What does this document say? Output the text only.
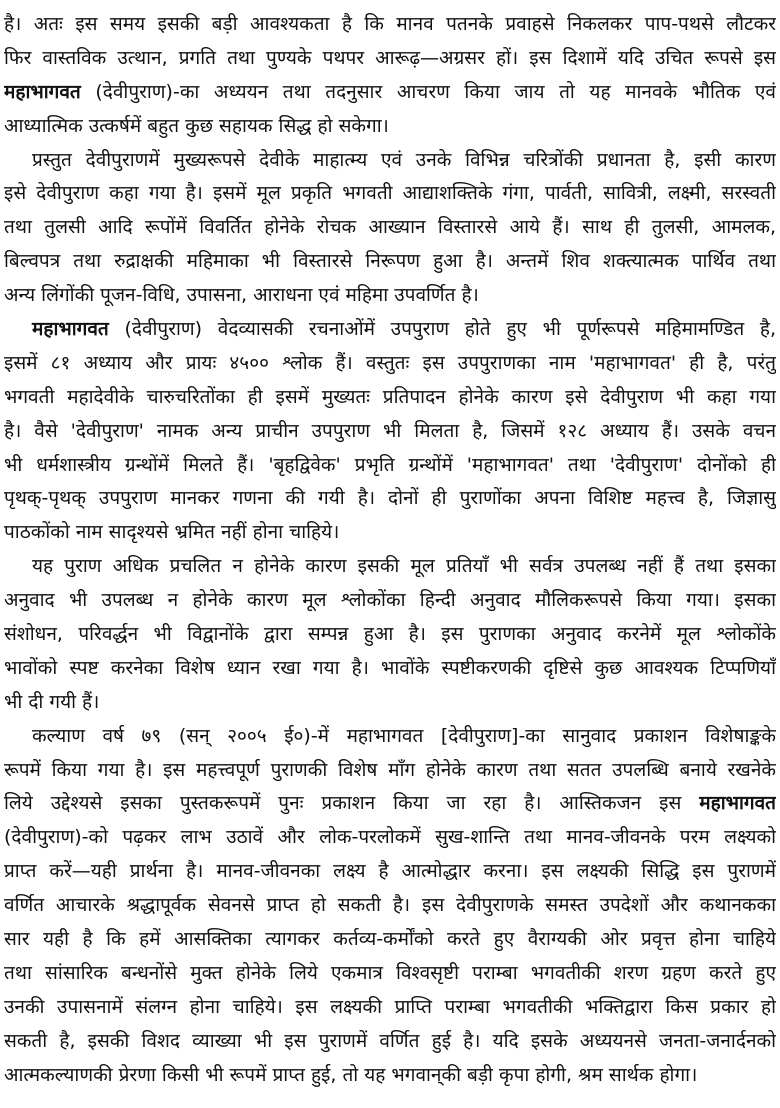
है। अतः इस समय इसकी बड़ी आवश्यकता है कि मानव पतनके प्रवाहसे निकलकर पाप-पथसे लौटकर
फिर वास्तविक उत्थान, प्रगति तथा पुण्यके पथपर आरूढ़—अग्रसर हों। इस दिशामें यदि उचित रूपसे इस
महाभागवत (देवीपुराण)-का अध्ययन तथा तदनुसार आचरण किया जाय तो यह मानवके भौतिक एवं
आध्यात्मिक उत्कर्षमें बहुत कुछ सहायक सिद्ध हो सकेगा।
प्रस्तुत देवीपुराणमें मुख्यरूपसे देवीके माहात्म्य एवं उनके विभिन्न चरित्रोंकी प्रधानता है, इसी कारण
इसे देवीपुराण कहा गया है। इसमें मूल प्रकृति भगवती आद्याशक्तिके गंगा, पार्वती, सावित्री, लक्ष्मी, सरस्वती
तथा तुलसी आदि रूपोंमें विवर्तित होनेके रोचक आख्यान विस्तारसे आये हैं। साथ ही तुलसी, आमलक,
बिल्वपत्र तथा रुद्राक्षकी महिमाका भी विस्तारसे निरूपण हुआ है। अन्तमें शिव शक्त्यात्मक पार्थिव तथा
अन्य लिंगोंकी पूजन-विधि, उपासना, आराधना एवं महिमा उपवर्णित है।
महाभागवत (देवीपुराण) वेदव्यासकी रचनाओंमें उपपुराण होते हुए भी पूर्णरूपसे महिमामण्डित है,
इसमें ८१ अध्याय और प्रायः ४५०० श्लोक हैं। वस्तुतः इस उपपुराणका नाम 'महाभागवत' ही है, परंतु
भगवती महादेवीके चारुचरितोंका ही इसमें मुख्यतः प्रतिपादन होनेके कारण इसे देवीपुराण भी कहा गया
है। वैसे 'देवीपुराण' नामक अन्य प्राचीन उपपुराण भी मिलता है, जिसमें १२८ अध्याय हैं। उसके वचन
भी धर्मशास्त्रीय ग्रन्थोंमें मिलते हैं। 'बृहद्विवेक' प्रभृति ग्रन्थोंमें 'महाभागवत' तथा 'देवीपुराण' दोनोंको ही
पृथक्-पृथक् उपपुराण मानकर गणना की गयी है। दोनों ही पुराणोंका अपना विशिष्ट महत्त्व है, जिज्ञासु
पाठकोंको नाम सादृश्यसे भ्रमित नहीं होना चाहिये।
यह पुराण अधिक प्रचलित न होनेके कारण इसकी मूल प्रतियाँ भी सर्वत्र उपलब्ध नहीं हैं तथा इसका
अनुवाद भी उपलब्ध न होनेके कारण मूल श्लोकोंका हिन्दी अनुवाद मौलिकरूपसे किया गया। इसका
संशोधन, परिवर्द्धन भी विद्वानोंके द्वारा सम्पन्न हुआ है। इस पुराणका अनुवाद करनेमें मूल श्लोकोंके
भावोंको स्पष्ट करनेका विशेष ध्यान रखा गया है। भावोंके स्पष्टीकरणकी दृष्टिसे कुछ आवश्यक टिप्पणियाँ
भी दी गयी हैं।
कल्याण वर्ष ७९ (सन् २००५ ई०)-में महाभागवत [देवीपुराण]-का सानुवाद प्रकाशन विशेषाङ्कके
रूपमें किया गया है। इस महत्त्वपूर्ण पुराणकी विशेष माँग होनेके कारण तथा सतत उपलब्धि बनाये रखनेके
लिये उद्देश्यसे इसका पुस्तकरूपमें पुनः प्रकाशन किया जा रहा है। आस्तिकजन इस महाभागवत
(देवीपुराण)-को पढ़कर लाभ उठावें और लोक-परलोकमें सुख-शान्ति तथा मानव-जीवनके परम लक्ष्यको
प्राप्त करें—यही प्रार्थना है। मानव-जीवनका लक्ष्य है आत्मोद्धार करना। इस लक्ष्यकी सिद्धि इस पुराणमें
वर्णित आचारके श्रद्धापूर्वक सेवनसे प्राप्त हो सकती है। इस देवीपुराणके समस्त उपदेशों और कथानकका
सार यही है कि हमें आसक्तिका त्यागकर कर्तव्य-कर्मोंको करते हुए वैराग्यकी ओर प्रवृत्त होना चाहिये
तथा सांसारिक बन्धनोंसे मुक्त होनेके लिये एकमात्र विश्वसृष्टी पराम्बा भगवतीकी शरण ग्रहण करते हुए
उनकी उपासनामें संलग्न होना चाहिये। इस लक्ष्यकी प्राप्ति पराम्बा भगवतीकी भक्तिद्वारा किस प्रकार हो
सकती है, इसकी विशद व्याख्या भी इस पुराणमें वर्णित हुई है। यदि इसके अध्ययनसे जनता-जनार्दनको
आत्मकल्याणकी प्रेरणा किसी भी रूपमें प्राप्त हुई, तो यह भगवान्‌की बड़ी कृपा होगी, श्रम सार्थक होगा।
